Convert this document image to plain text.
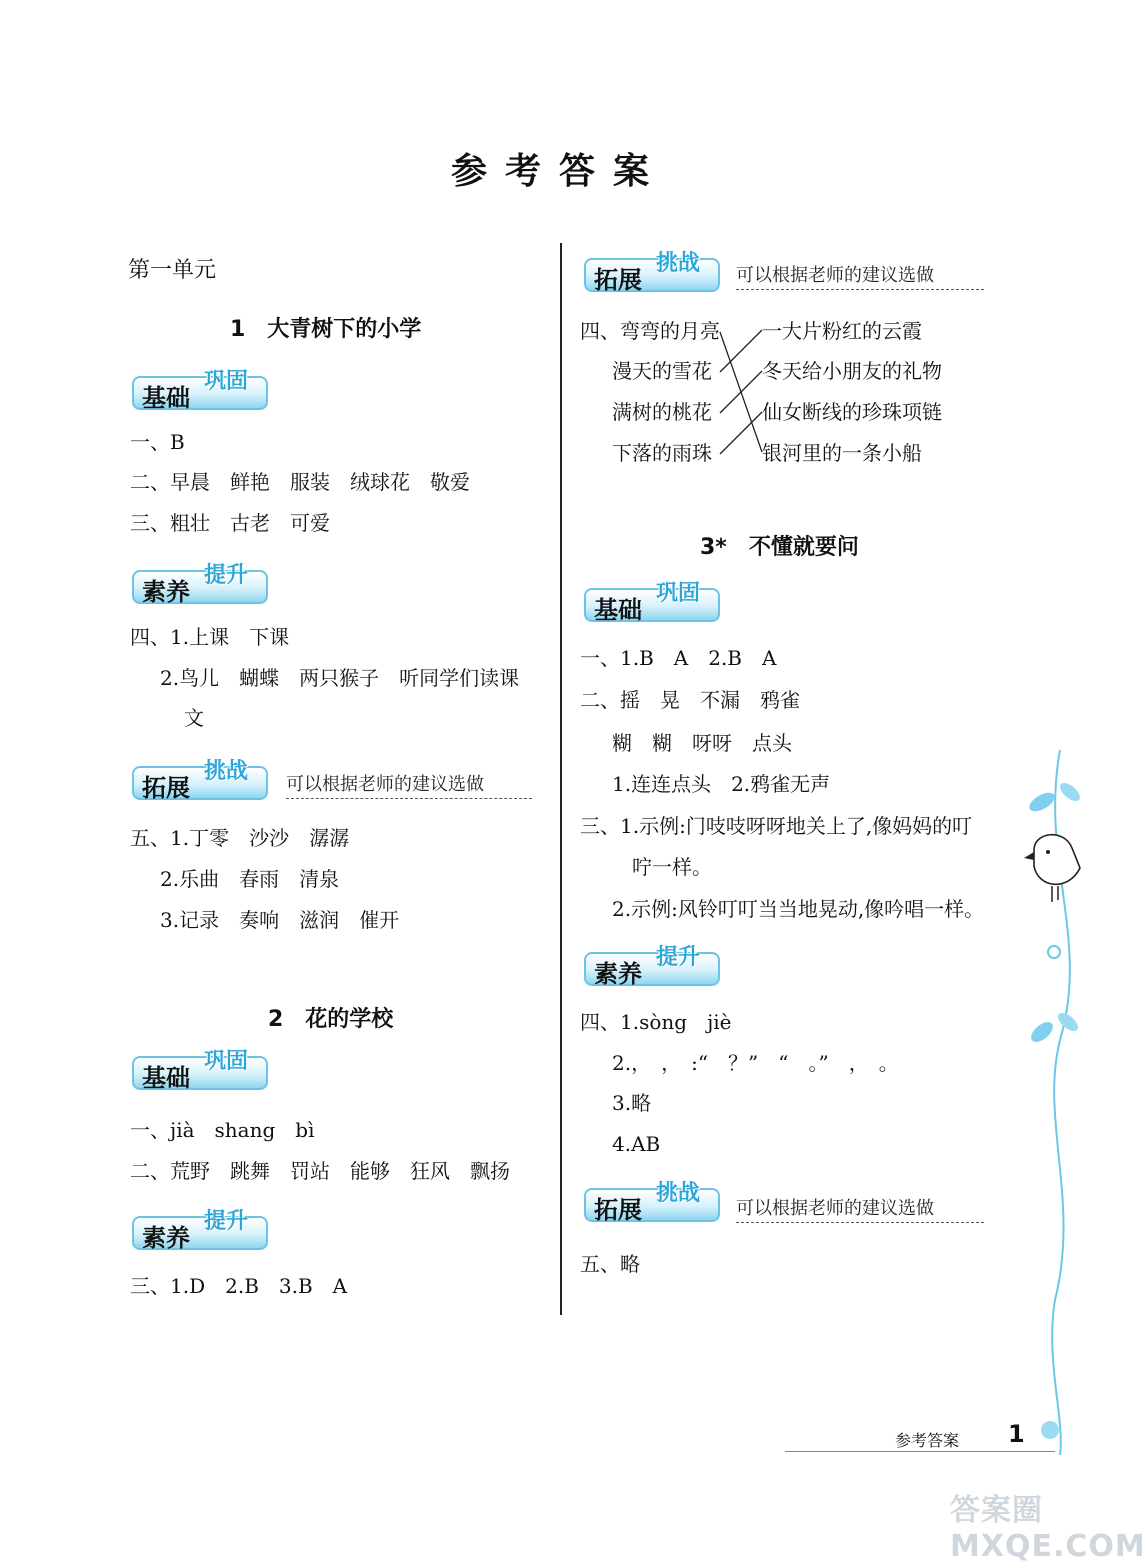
参考答案
第一单元
1　大青树下的小学
基础
巩固
一、B
二、早晨　鲜艳　服装　绒球花　敬爱
三、粗壮　古老　可爱
素养
提升
四、1.上课　下课
2.鸟儿　蝴蝶　两只猴子　听同学们读课
文
拓展
挑战
可以根据老师的建议选做
五、1.丁零　沙沙　潺潺
2.乐曲　春雨　清泉
3.记录　奏响　滋润　催开
2　花的学校
基础
巩固
一、jià　shang　bì
二、荒野　跳舞　罚站　能够　狂风　飘扬
素养
提升
三、1.D　2.B　3.B　A
拓展
挑战 可以根据老师的建议选做
四、弯弯的月亮
漫天的雪花
满树的桃花
下落的雨珠
一大片粉红的云霞
冬天给小朋友的礼物
仙女断线的珍珠项链
银河里的一条小船
3*　不懂就要问
基础
巩固
一、1.B　A　2.B　A
二、摇　晃　不漏　鸦雀
糊　糊　呀呀　点头
1.连连点头　2.鸦雀无声
三、1.示例:门吱吱呀呀地关上了,像妈妈的叮
咛一样。
2.示例:风铃叮叮当当地晃动,像吟唱一样。
素养
提升
四、1.sòng　jiè
2.，　，　:“　？”　“　。”　，　。
3.略
4.AB
拓展
挑战
可以根据老师的建议选做
五、略
参考答案 1
答案圈 MXQE.COM
